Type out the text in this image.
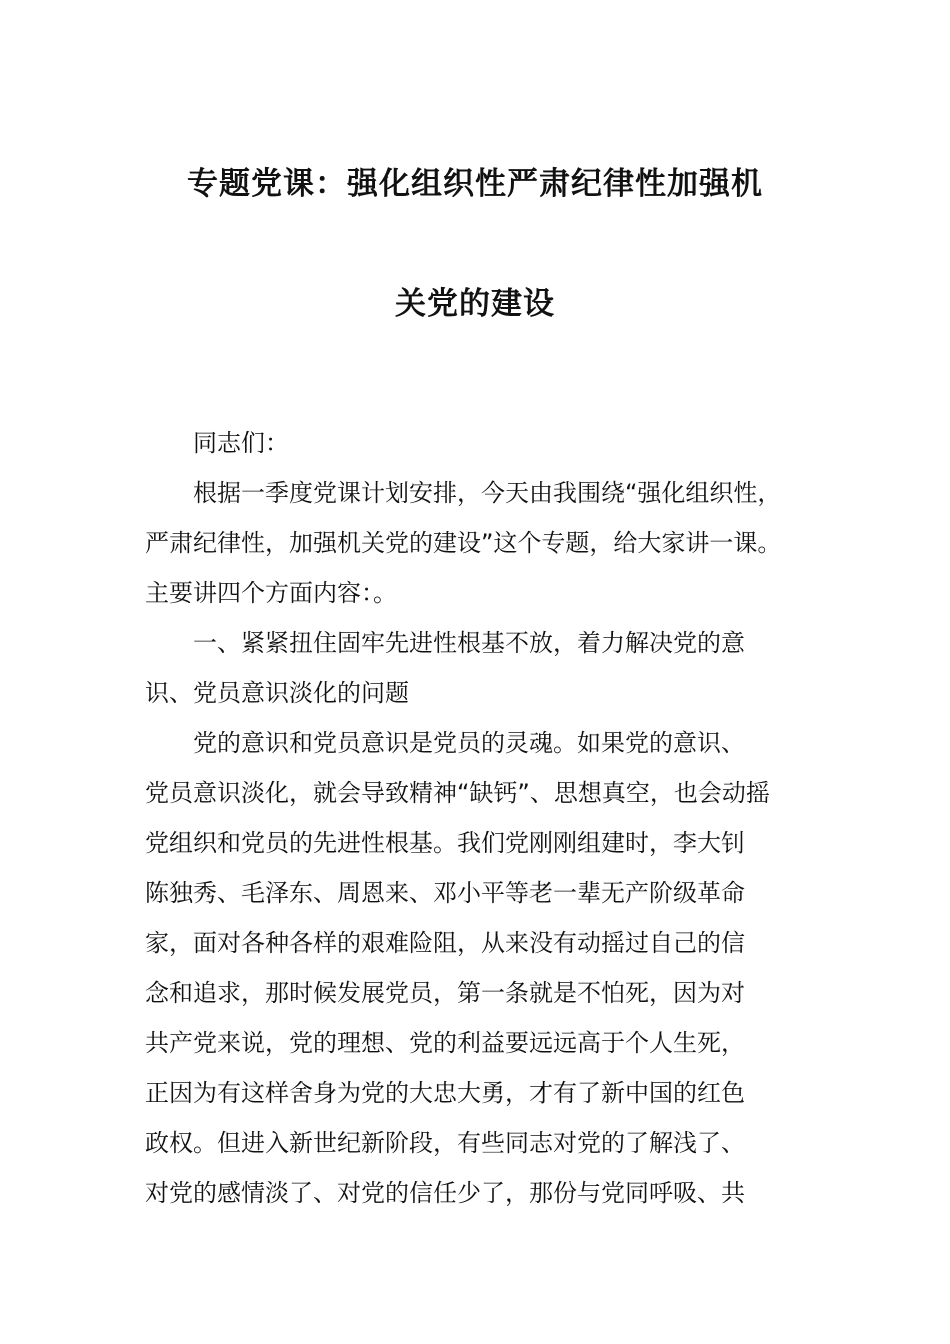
专题党课：强化组织性严肃纪律性加强机
关党的建设
同志们：
根据一季度党课计划安排，今天由我围绕“强化组织性，
严肃纪律性，加强机关党的建设”这个专题，给大家讲一课。
主要讲四个方面内容：。
一、紧紧扭住固牢先进性根基不放，着力解决党的意
识、党员意识淡化的问题
党的意识和党员意识是党员的灵魂。如果党的意识、
党员意识淡化，就会导致精神“缺钙”、思想真空，也会动摇
党组织和党员的先进性根基。我们党刚刚组建时，李大钊
陈独秀、毛泽东、周恩来、邓小平等老一辈无产阶级革命
家，面对各种各样的艰难险阻，从来没有动摇过自己的信
念和追求，那时候发展党员，第一条就是不怕死，因为对
共产党来说，党的理想、党的利益要远远高于个人生死，
正因为有这样舍身为党的大忠大勇，才有了新中国的红色
政权。但进入新世纪新阶段，有些同志对党的了解浅了、
对党的感情淡了、对党的信任少了，那份与党同呼吸、共
